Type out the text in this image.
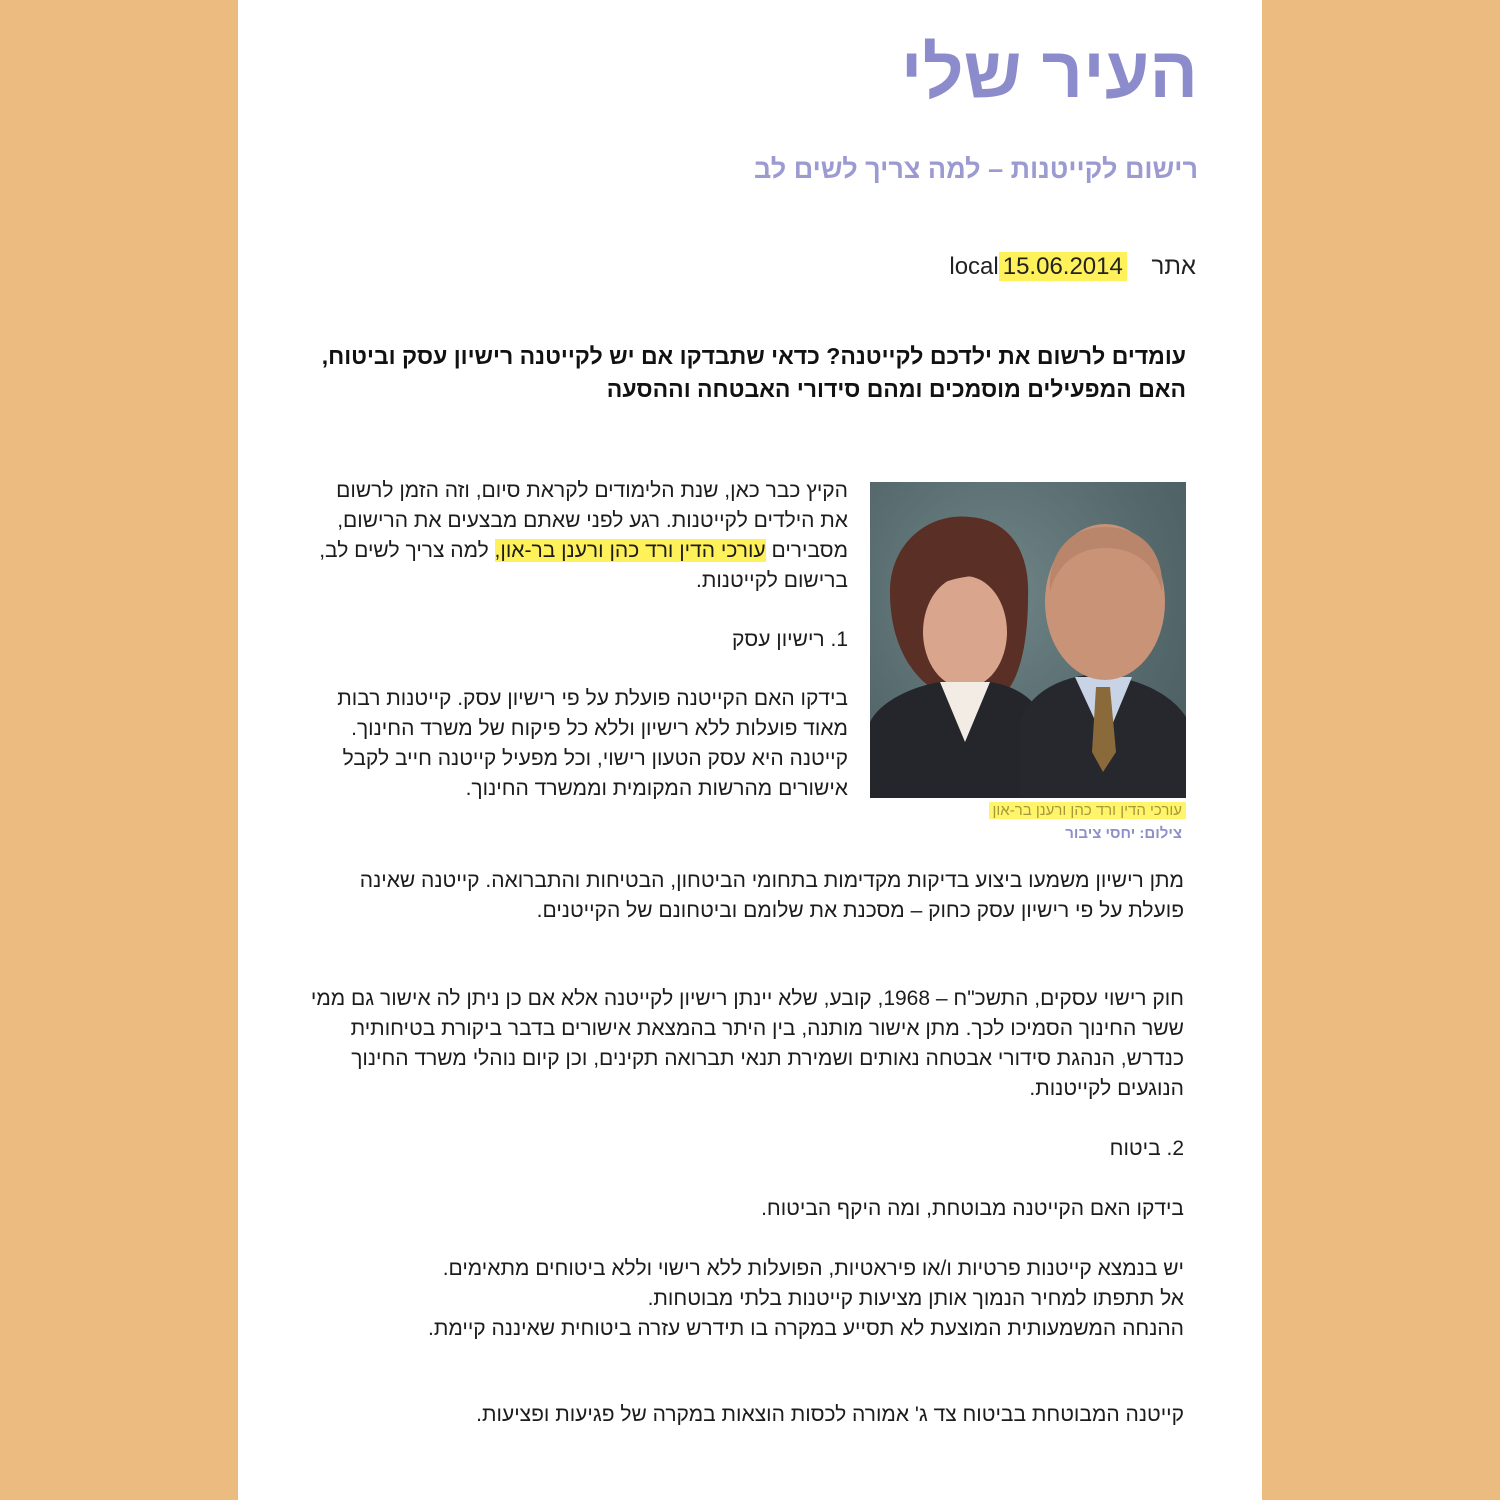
העיר שלי
רישום לקייטנות – למה צריך לשים לב
אתר local15.06.2014

עומדים לרשום את ילדכם לקייטנה? כדאי שתבדקו אם יש לקייטנה רישיון עסק וביטוח, האם המפעילים מוסמכים ומהם סידורי האבטחה וההסעה

עורכי הדין ורד כהן ורענן בר-און
צילום: יחסי ציבור

הקיץ כבר כאן, שנת הלימודים לקראת סיום, וזה הזמן לרשום את הילדים לקייטנות. רגע לפני שאתם מבצעים את הרישום, מסבירים עורכי הדין ורד כהן ורענן בר-און, למה צריך לשים לב, ברישום לקייטנות.

1. רישיון עסק

בידקו האם הקייטנה פועלת על פי רישיון עסק. קייטנות רבות מאוד פועלות ללא רישיון וללא כל פיקוח של משרד החינוך. קייטנה היא עסק הטעון רישוי, וכל מפעיל קייטנה חייב לקבל אישורים מהרשות המקומית וממשרד החינוך.

מתן רישיון משמעו ביצוע בדיקות מקדימות בתחומי הביטחון, הבטיחות והתברואה. קייטנה שאינה פועלת על פי רישיון עסק כחוק – מסכנת את שלומם וביטחונם של הקייטנים.

חוק רישוי עסקים, התשכ"ח – 1968, קובע, שלא יינתן רישיון לקייטנה אלא אם כן ניתן לה אישור גם ממי ששר החינוך הסמיכו לכך. מתן אישור מותנה, בין היתר בהמצאת אישורים בדבר ביקורת בטיחותית כנדרש, הנהגת סידורי אבטחה נאותים ושמירת תנאי תברואה תקינים, וכן קיום נוהלי משרד החינוך הנוגעים לקייטנות.

2. ביטוח

בידקו האם הקייטנה מבוטחת, ומה היקף הביטוח.

יש בנמצא קייטנות פרטיות ו/או פיראטיות, הפועלות ללא רישוי וללא ביטוחים מתאימים.
אל תתפתו למחיר הנמוך אותן מציעות קייטנות בלתי מבוטחות.
ההנחה המשמעותית המוצעת לא תסייע במקרה בו תידרש עזרה ביטוחית שאיננה קיימת.

קייטנה המבוטחת בביטוח צד ג' אמורה לכסות הוצאות במקרה של פגיעות ופציעות.
